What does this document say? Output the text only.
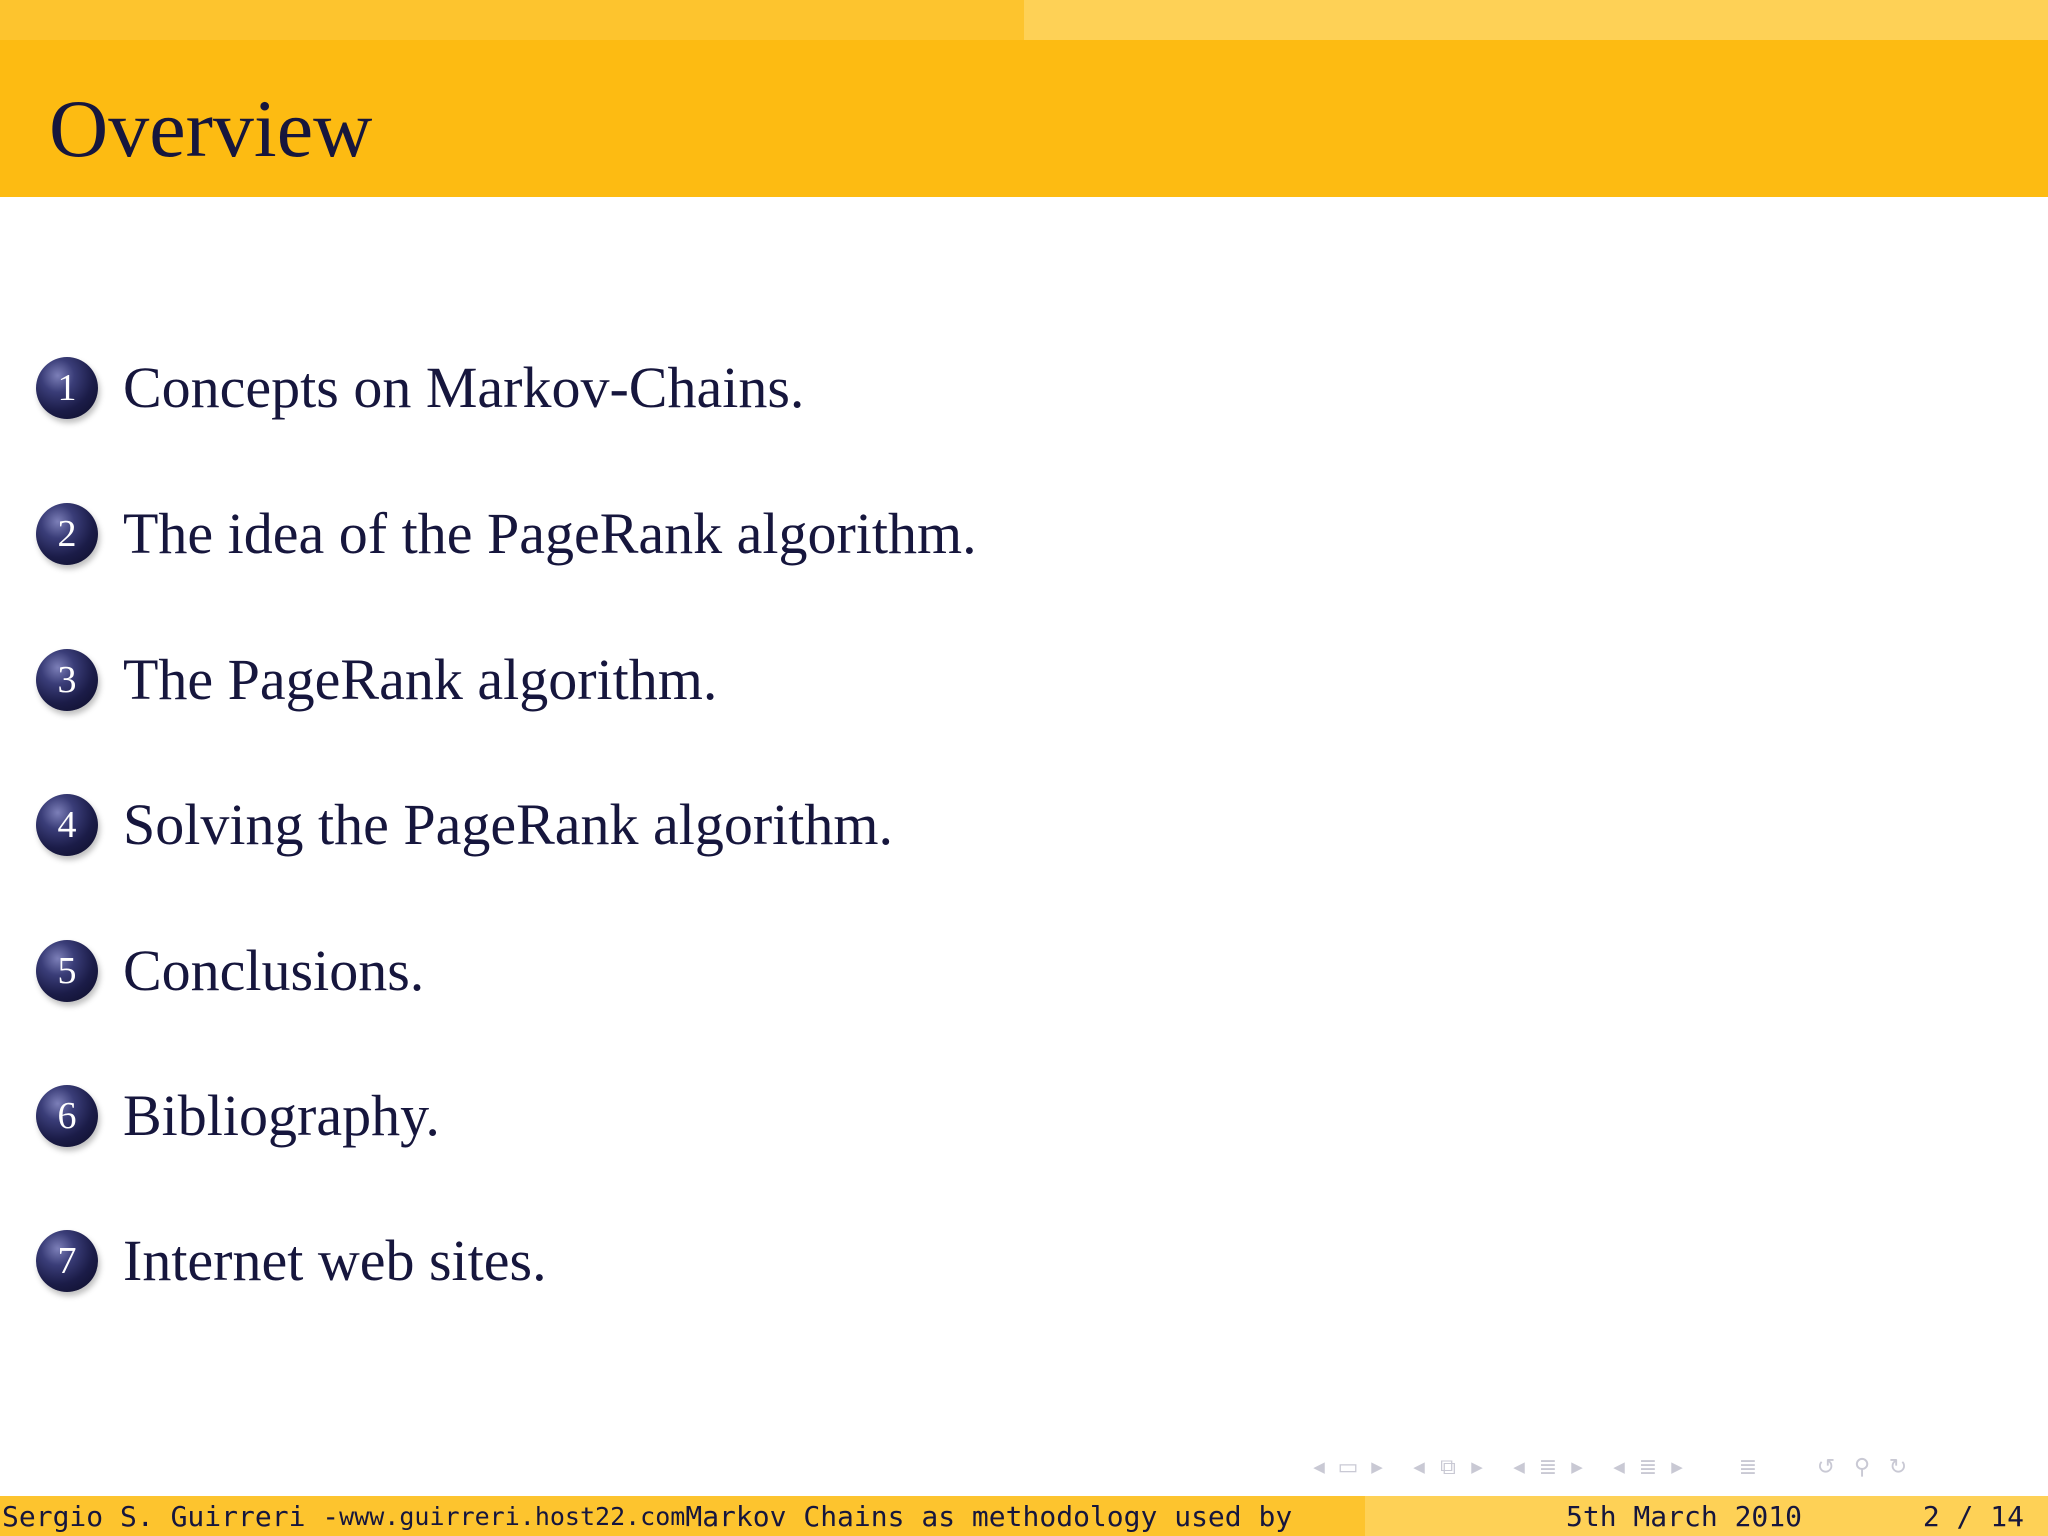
Overview
1 Concepts on Markov-Chains.
2 The idea of the PageRank algorithm.
3 The PageRank algorithm.
4 Solving the PageRank algorithm.
5 Conclusions.
6 Bibliography.
7 Internet web sites.
◀ ▭ ▶	◀ ⧉	▶	◀ ≣ ▶	◀ ≣ ▶	≣	↺ ⚲ ↻
Sergio S. Guirreri - www.guirreri.host22.com Markov Chains as methodology used by	5th March 2010	2 / 14
